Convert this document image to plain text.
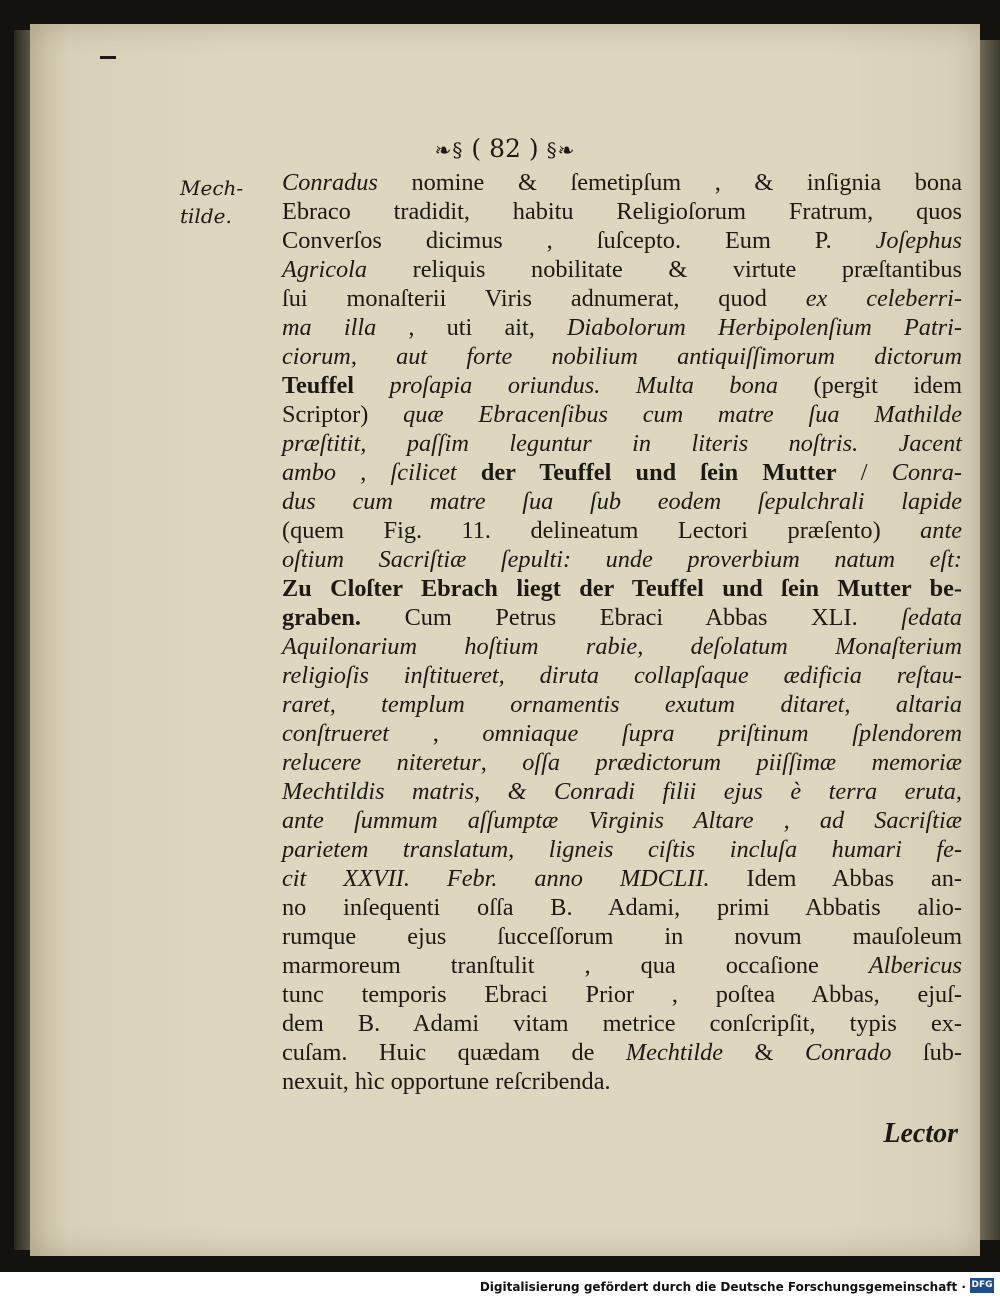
❧§ ( 82 ) §❧
Mech-
tilde.
Conradus nomine & ſemetipſum , & inſignia bona
Ebraco tradidit, habitu Religioſorum Fratrum, quos
Converſos dicimus , ſuſcepto. Eum P. Joſephus
Agricola reliquis nobilitate & virtute præſtantibus
ſui monaſterii Viris adnumerat, quod ex celeberri-
ma illa , uti ait, Diabolorum Herbipolenſium Patri-
ciorum, aut forte nobilium antiquiſſimorum dictorum
Teuffel proſapia oriundus. Multa bona (pergit idem
Scriptor) quæ Ebracenſibus cum matre ſua Mathilde
præſtitit, paſſim leguntur in literis noſtris. Jacent
ambo , ſcilicet der Teuffel und ſein Mutter / Conra-
dus cum matre ſua ſub eodem ſepulchrali lapide
(quem Fig. 11. delineatum Lectori præſento) ante
oſtium Sacriſtiæ ſepulti: unde proverbium natum eſt:
Zu Cloſter Ebrach liegt der Teuffel und ſein Mutter be-
graben. Cum Petrus Ebraci Abbas XLI. ſedata
Aquilonarium hoſtium rabie, deſolatum Monaſterium
religioſis inſtitueret, diruta collapſaque ædificia reſtau-
raret, templum ornamentis exutum ditaret, altaria
conſtrueret , omniaque ſupra priſtinum ſplendorem
relucere niteretur, oſſa prædictorum piiſſimæ memoriæ
Mechtildis matris, & Conradi filii ejus è terra eruta,
ante ſummum aſſumptæ Virginis Altare , ad Sacriſtiæ
parietem translatum, ligneis ciſtis incluſa humari fe-
cit XXVII. Febr. anno MDCLII. Idem Abbas an-
no inſequenti oſſa B. Adami, primi Abbatis alio-
rumque ejus ſucceſſorum in novum mauſoleum
marmoreum tranſtulit , qua occaſione Albericus
tunc temporis Ebraci Prior , poſtea Abbas, ejuſ-
dem B. Adami vitam metrice conſcripſit, typis ex-
cuſam. Huic quædam de Mechtilde & Conrado ſub-
nexuit, hìc opportune reſcribenda.
Lector
Digitalisierung gefördert durch die Deutsche Forschungsgemeinschaft · DFG
